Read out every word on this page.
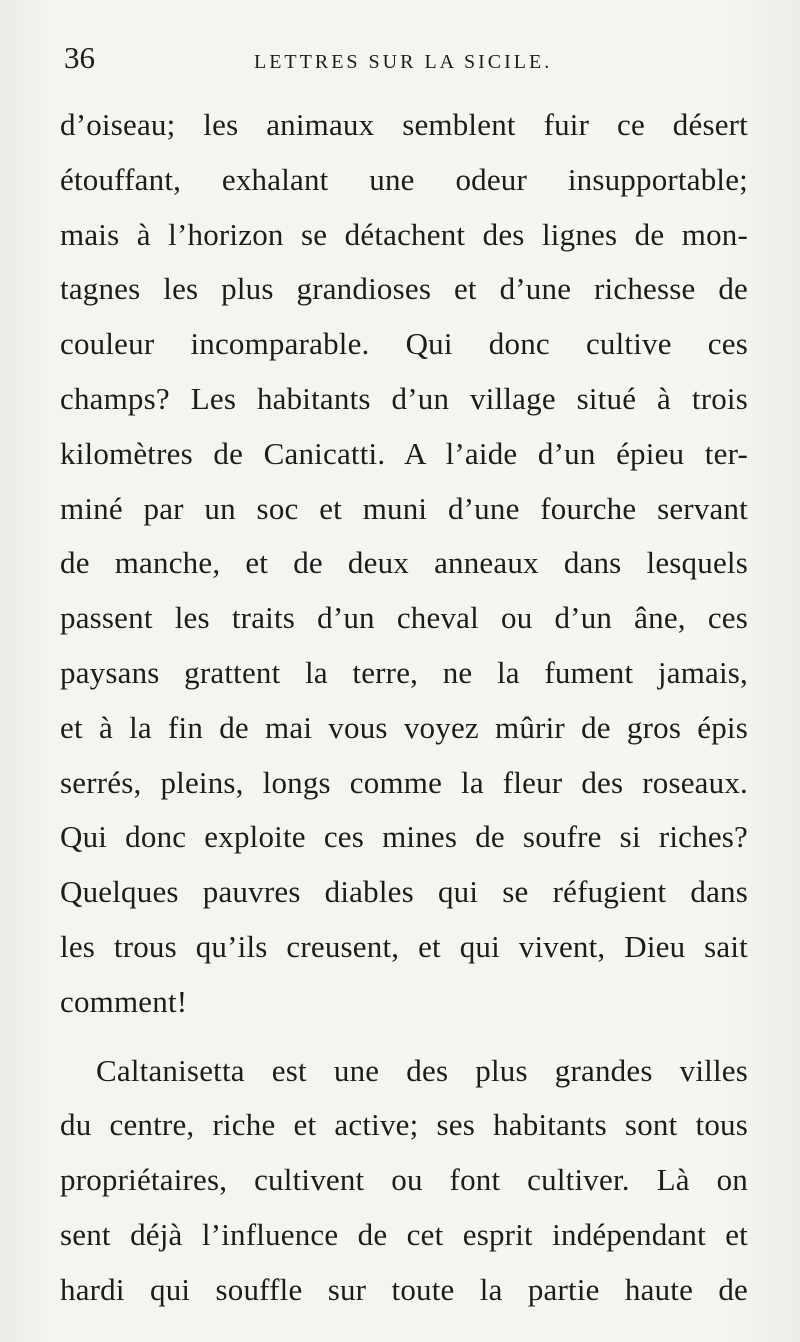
36	LETTRES SUR LA SICILE.
d’oiseau; les animaux semblent fuir ce désert
étouffant, exhalant une odeur insupportable;
mais à l’horizon se détachent des lignes de mon-
tagnes les plus grandioses et d’une richesse de
couleur incomparable. Qui donc cultive ces
champs? Les habitants d’un village situé à trois
kilomètres de Canicatti. A l’aide d’un épieu ter-
miné par un soc et muni d’une fourche servant
de manche, et de deux anneaux dans lesquels
passent les traits d’un cheval ou d’un âne, ces
paysans grattent la terre, ne la fument jamais,
et à la fin de mai vous voyez mûrir de gros épis
serrés, pleins, longs comme la fleur des roseaux.
Qui donc exploite ces mines de soufre si riches?
Quelques pauvres diables qui se réfugient dans
les trous qu’ils creusent, et qui vivent, Dieu sait
comment!
Caltanisetta est une des plus grandes villes
du centre, riche et active; ses habitants sont tous
propriétaires, cultivent ou font cultiver. Là on
sent déjà l’influence de cet esprit indépendant et
hardi qui souffle sur toute la partie haute de
